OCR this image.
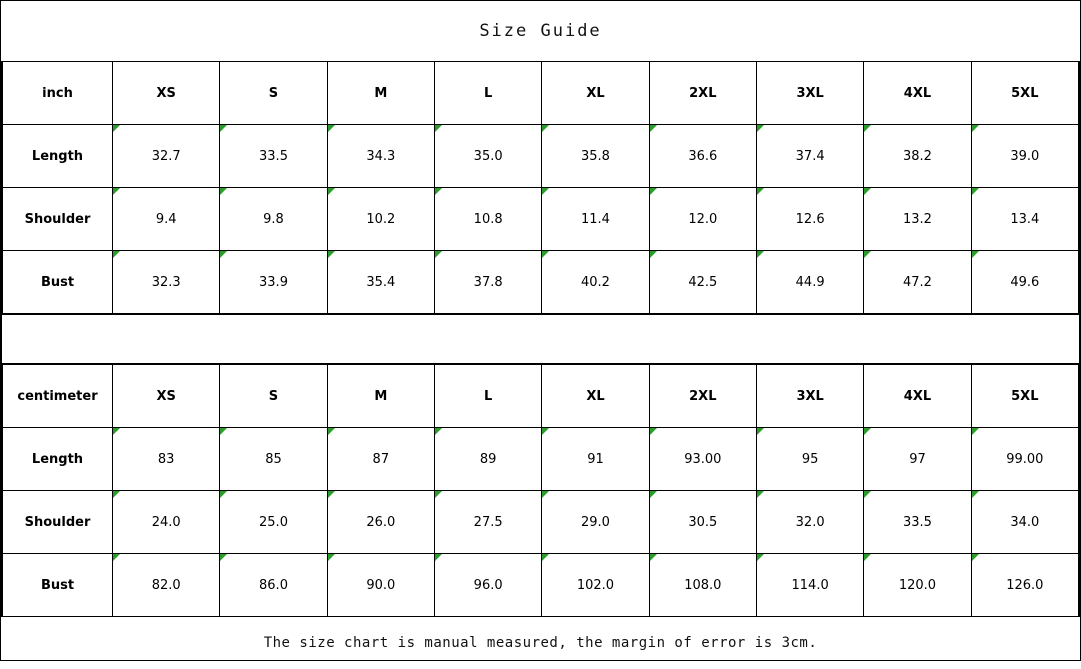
Size Guide
inch	XS	S	M	L	XL	2XL	3XL	4XL	5XL
Length	32.7	33.5	34.3	35.0	35.8	36.6	37.4	38.2	39.0

Shoulder	9.4	9.8	10.2	10.8	11.4	12.0	12.6	13.2	13.4

Bust	32.3	33.9	35.4	37.8	40.2	42.5	44.9	47.2	49.6
centimeter	XS	S	M	L	XL	2XL	3XL	4XL	5XL
Length	83	85	87	89	91	93.00	95	97	99.00

Shoulder	24.0	25.0	26.0	27.5	29.0	30.5	32.0	33.5	34.0

Bust	82.0	86.0	90.0	96.0	102.0	108.0	114.0	120.0	126.0
The size chart is manual measured, the margin of error is 3cm.
